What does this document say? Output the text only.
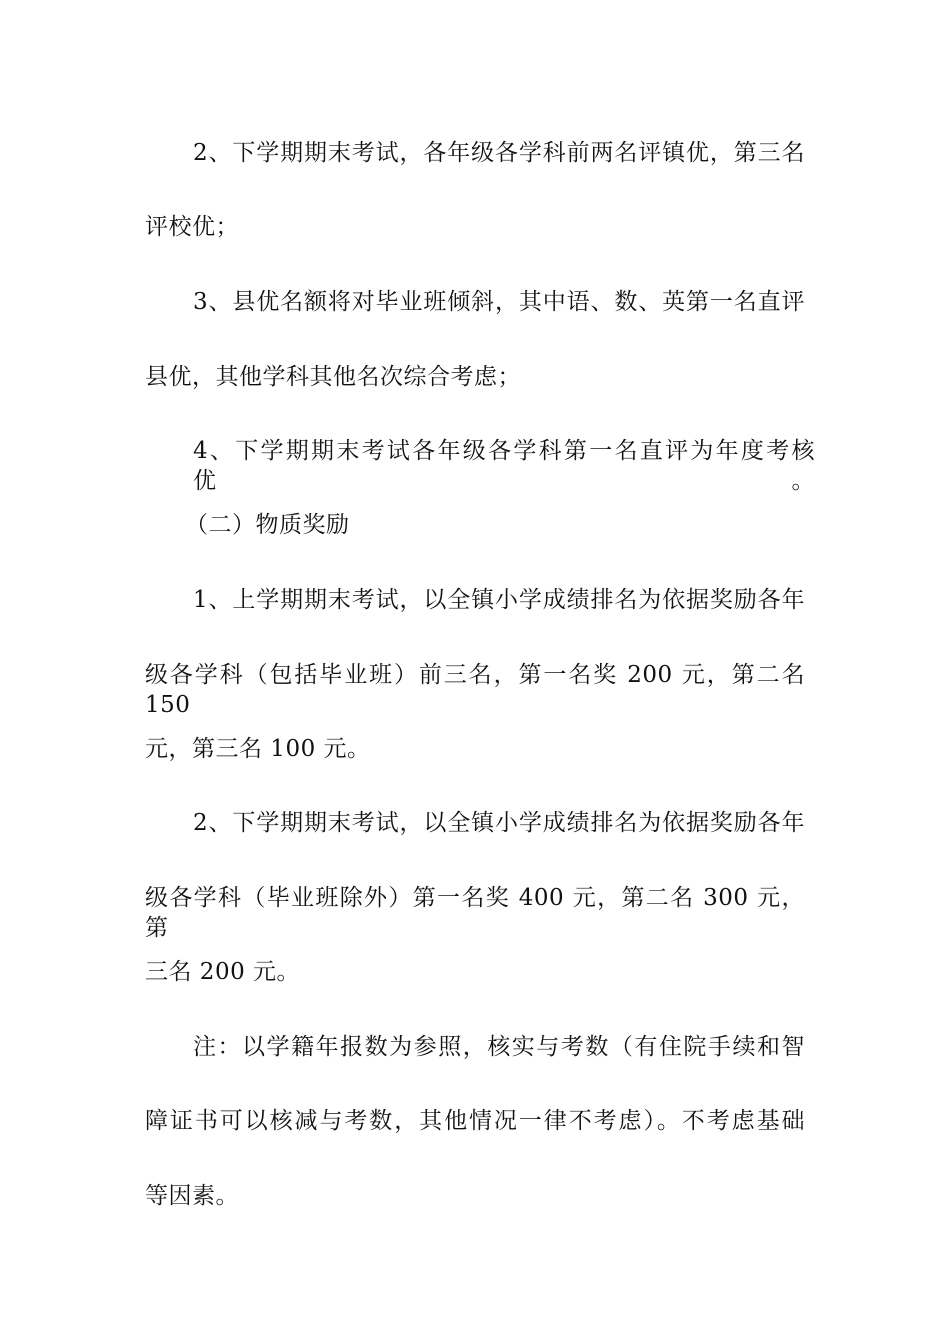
2、下学期期末考试，各年级各学科前两名评镇优，第三名
评校优；
3、县优名额将对毕业班倾斜，其中语、数、英第一名直评
县优，其他学科其他名次综合考虑；
4、下学期期末考试各年级各学科第一名直评为年度考核优。
（二）物质奖励
1、上学期期末考试，以全镇小学成绩排名为依据奖励各年
级各学科（包括毕业班）前三名，第一名奖 200 元，第二名 150
元，第三名 100 元。
2、下学期期末考试，以全镇小学成绩排名为依据奖励各年
级各学科（毕业班除外）第一名奖 400 元，第二名 300 元，第
三名 200 元。
注：以学籍年报数为参照，核实与考数（有住院手续和智
障证书可以核减与考数，其他情况一律不考虑）。不考虑基础
等因素。
